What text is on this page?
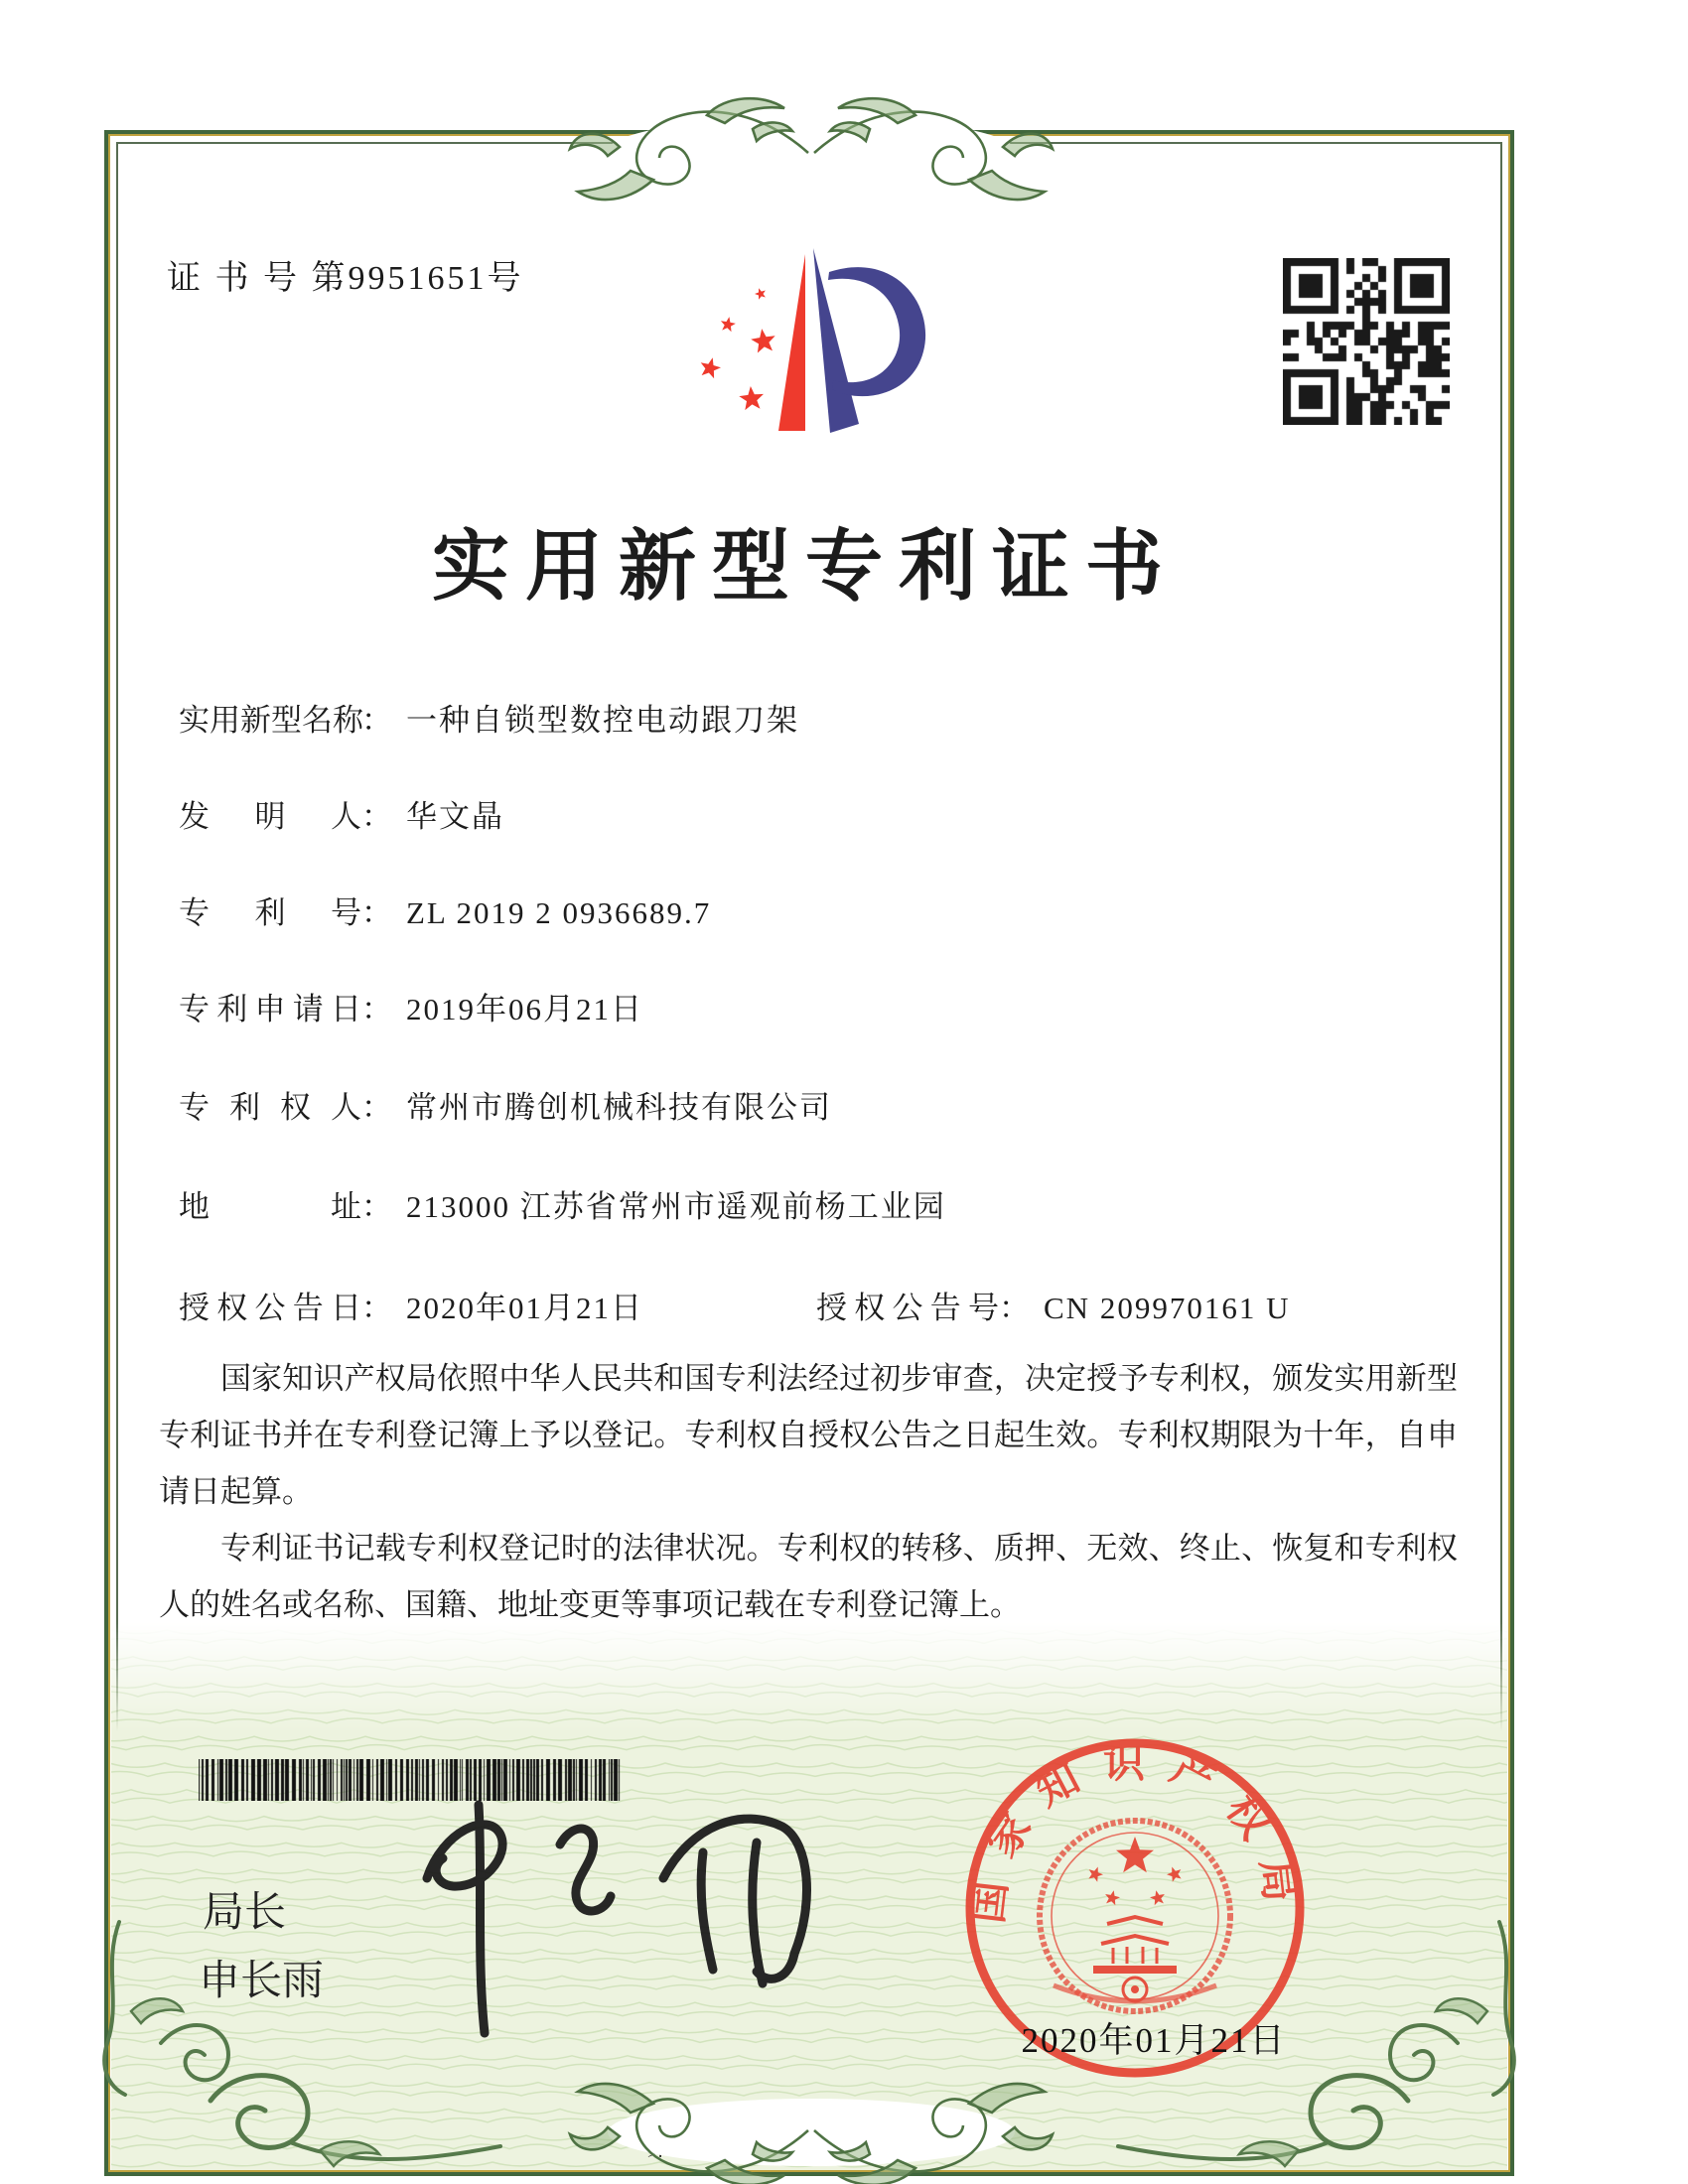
证 书 号 第9951651号
实用新型专利证书
实用新型名称： 一种自锁型数控电动跟刀架
发明人： 华文晶
专利号： ZL 2019 2 0936689.7
专利申请日： 2019年06月21日
专利权人： 常州市腾创机械科技有限公司
地址： 213000 江苏省常州市遥观前杨工业园
授权公告日： 2020年01月21日	授权公告号： CN 209970161 U

国家知识产权局依照中华人民共和国专利法经过初步审查，决定授予专利权，颁发实用新型专利证书并在专利登记簿上予以登记。专利权自授权公告之日起生效。专利权期限为十年，自申请日起算。

专利证书记载专利权登记时的法律状况。专利权的转移、质押、无效、终止、恢复和专利权人的姓名或名称、国籍、地址变更等事项记载在专利登记簿上。

局长
申长雨
国家知识产权局
2020年01月21日
